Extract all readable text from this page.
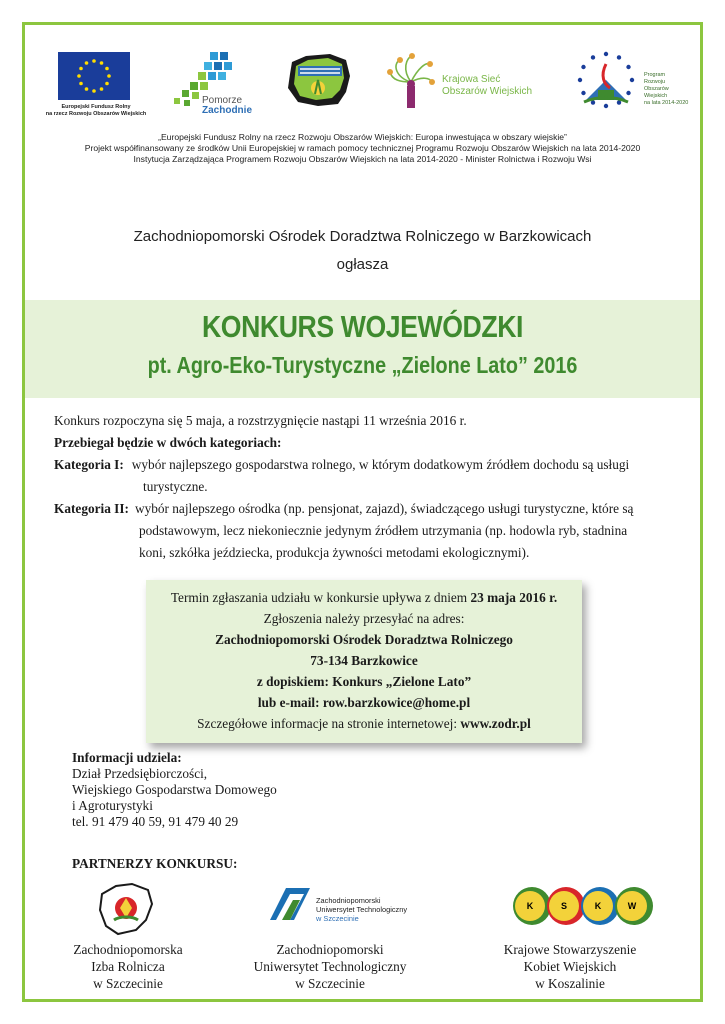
Europejski Fundusz Rolny
na rzecz Rozwoju Obszarów Wiejskich
Pomorze
Zachodnie
Krajowa Sieć
Obszarów Wiejskich
Program
Rozwoju
Obszarów
Wiejskich
na lata 2014-2020
„Europejski Fundusz Rolny na rzecz Rozwoju Obszarów Wiejskich: Europa inwestująca w obszary wiejskie”
Projekt współfinansowany ze środków Unii Europejskiej w ramach pomocy technicznej Programu Rozwoju Obszarów Wiejskich na lata 2014-2020
Instytucja Zarządzająca Programem Rozwoju Obszarów Wiejskich na lata 2014-2020 - Minister Rolnictwa i Rozwoju Wsi
Zachodniopomorski Ośrodek Doradztwa Rolniczego w Barzkowicach
ogłasza
KONKURS WOJEWÓDZKI
pt. Agro-Eko-Turystyczne „Zielone Lato” 2016
Konkurs rozpoczyna się 5 maja, a rozstrzygnięcie nastąpi 11 września 2016 r.
Przebiegał będzie w dwóch kategoriach:
Kategoria I: wybór najlepszego gospodarstwa rolnego, w którym dodatkowym źródłem dochodu są usługi
turystyczne.
Kategoria II: wybór najlepszego ośrodka (np. pensjonat, zajazd), świadczącego usługi turystyczne, które są
podstawowym, lecz niekoniecznie jedynym źródłem utrzymania (np. hodowla ryb, stadnina
koni, szkółka jeździecka, produkcja żywności metodami ekologicznymi).
Termin zgłaszania udziału w konkursie upływa z dniem 23 maja 2016 r.
Zgłoszenia należy przesyłać na adres:
Zachodniopomorski Ośrodek Doradztwa Rolniczego
73-134 Barzkowice
z dopiskiem: Konkurs „Zielone Lato”
lub e-mail: row.barzkowice@home.pl
Szczegółowe informacje na stronie internetowej: www.zodr.pl
Informacji udziela:
Dział Przedsiębiorczości,
Wiejskiego Gospodarstwa Domowego
i Agroturystyki
tel. 91 479 40 59, 91 479 40 29
PARTNERZY KONKURSU:
Zachodniopomorski
Uniwersytet Technologiczny
w Szczecinie
K	S	K	W
Zachodniopomorska
Izba Rolnicza
w Szczecinie
Zachodniopomorski
Uniwersytet Technologiczny
w Szczecinie
Krajowe Stowarzyszenie
Kobiet Wiejskich
w Koszalinie
